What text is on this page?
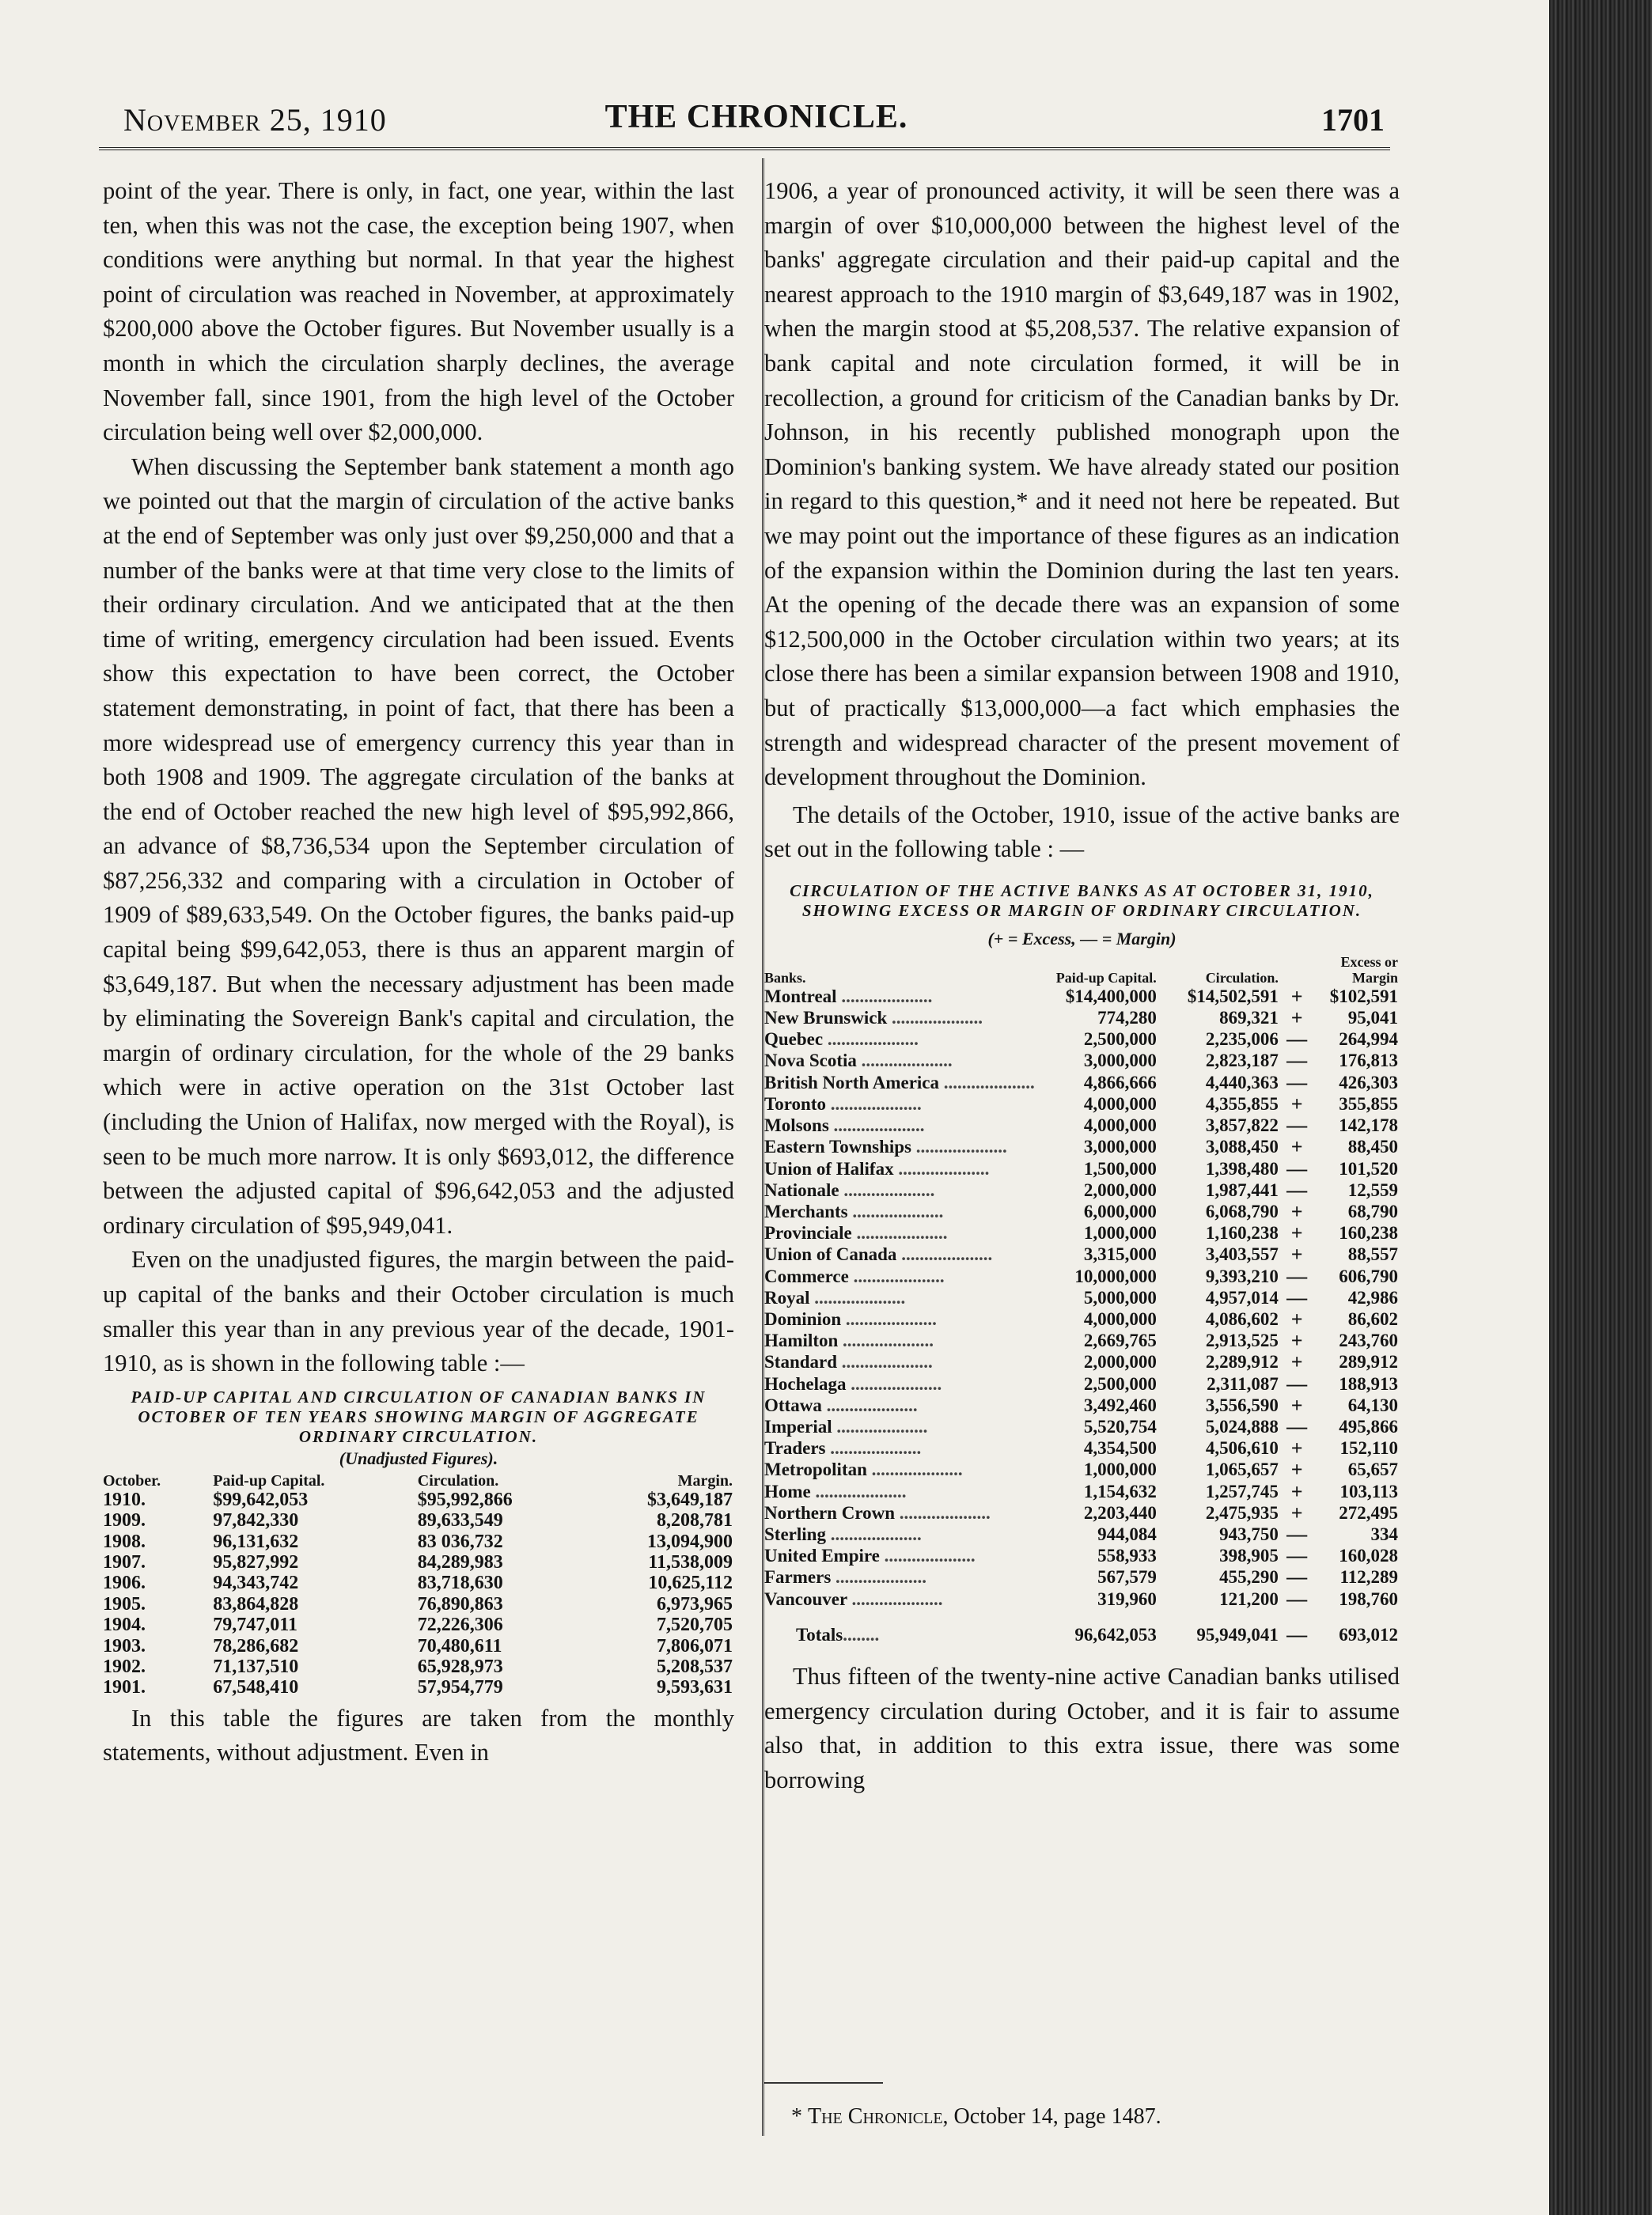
November 25, 1910	THE CHRONICLE.	1701

point of the year. There is only, in fact, one year, within the last ten, when this was not the case, the exception being 1907, when conditions were anything but normal. In that year the highest point of circulation was reached in November, at approximately $200,000 above the October figures. But November usually is a month in which the circulation sharply declines, the average November fall, since 1901, from the high level of the October circulation being well over $2,000,000.

When discussing the September bank statement a month ago we pointed out that the margin of circulation of the active banks at the end of September was only just over $9,250,000 and that a number of the banks were at that time very close to the limits of their ordinary circulation. And we anticipated that at the then time of writing, emergency circulation had been issued. Events show this expectation to have been correct, the October statement demonstrating, in point of fact, that there has been a more widespread use of emergency currency this year than in both 1908 and 1909. The aggregate circulation of the banks at the end of October reached the new high level of $95,992,866, an advance of $8,736,534 upon the September circulation of $87,256,332 and comparing with a circulation in October of 1909 of $89,633,549. On the October figures, the banks paid-up capital being $99,642,053, there is thus an apparent margin of $3,649,187. But when the necessary adjustment has been made by eliminating the Sovereign Bank's capital and circulation, the margin of ordinary circulation, for the whole of the 29 banks which were in active operation on the 31st October last (including the Union of Halifax, now merged with the Royal), is seen to be much more narrow. It is only $693,012, the difference between the adjusted capital of $96,642,053 and the adjusted ordinary circulation of $95,949,041.

Even on the unadjusted figures, the margin between the paid-up capital of the banks and their October circulation is much smaller this year than in any previous year of the decade, 1901-1910, as is shown in the following table :—

PAID-UP CAPITAL AND CIRCULATION OF CANADIAN BANKS IN OCTOBER OF TEN YEARS SHOWING MARGIN OF AGGREGATE ORDINARY CIRCULATION.

(Unadjusted Figures).

October.	Paid-up Capital.	Circulation.	Margin.
1910.	$99,642,053	$95,992,866	$3,649,187
1909.	97,842,330	89,633,549	8,208,781
1908.	96,131,632	83 036,732	13,094,900
1907.	95,827,992	84,289,983	11,538,009
1906.	94,343,742	83,718,630	10,625,112
1905.	83,864,828	76,890,863	6,973,965
1904.	79,747,011	72,226,306	7,520,705
1903.	78,286,682	70,480,611	7,806,071
1902.	71,137,510	65,928,973	5,208,537
1901.	67,548,410	57,954,779	9,593,631

In this table the figures are taken from the monthly statements, without adjustment. Even in

1906, a year of pronounced activity, it will be seen there was a margin of over $10,000,000 between the highest level of the banks' aggregate circulation and their paid-up capital and the nearest approach to the 1910 margin of $3,649,187 was in 1902, when the margin stood at $5,208,537. The relative expansion of bank capital and note circulation formed, it will be in recollection, a ground for criticism of the Canadian banks by Dr. Johnson, in his recently published monograph upon the Dominion's banking system. We have already stated our position in regard to this question,* and it need not here be repeated. But we may point out the importance of these figures as an indication of the expansion within the Dominion during the last ten years. At the opening of the decade there was an expansion of some $12,500,000 in the October circulation within two years; at its close there has been a similar expansion between 1908 and 1910, but of practically $13,000,000—a fact which emphasies the strength and widespread character of the present movement of development throughout the Dominion.

The details of the October, 1910, issue of the active banks are set out in the following table : —

CIRCULATION OF THE ACTIVE BANKS AS AT OCTOBER 31, 1910, SHOWING EXCESS OR MARGIN OF ORDINARY CIRCULATION.

(+ = Excess, — = Margin)

Banks.	Paid-up Capital.	Circulation.		Excess or Margin
Montreal ....................	$14,400,000	$14,502,591	+	$102,591
New Brunswick ....................	774,280	869,321	+	95,041
Quebec ....................	2,500,000	2,235,006	—	264,994
Nova Scotia ....................	3,000,000	2,823,187	—	176,813
British North America ....................	4,866,666	4,440,363	—	426,303
Toronto ....................	4,000,000	4,355,855	+	355,855
Molsons ....................	4,000,000	3,857,822	—	142,178
Eastern Townships ....................	3,000,000	3,088,450	+	88,450
Union of Halifax ....................	1,500,000	1,398,480	—	101,520
Nationale ....................	2,000,000	1,987,441	—	12,559
Merchants ....................	6,000,000	6,068,790	+	68,790
Provinciale ....................	1,000,000	1,160,238	+	160,238
Union of Canada ....................	3,315,000	3,403,557	+	88,557
Commerce ....................	10,000,000	9,393,210	—	606,790
Royal ....................	5,000,000	4,957,014	—	42,986
Dominion ....................	4,000,000	4,086,602	+	86,602
Hamilton ....................	2,669,765	2,913,525	+	243,760
Standard ....................	2,000,000	2,289,912	+	289,912
Hochelaga ....................	2,500,000	2,311,087	—	188,913
Ottawa ....................	3,492,460	3,556,590	+	64,130
Imperial ....................	5,520,754	5,024,888	—	495,866
Traders ....................	4,354,500	4,506,610	+	152,110
Metropolitan ....................	1,000,000	1,065,657	+	65,657
Home ....................	1,154,632	1,257,745	+	103,113
Northern Crown ....................	2,203,440	2,475,935	+	272,495
Sterling ....................	944,084	943,750	—	334
United Empire ....................	558,933	398,905	—	160,028
Farmers ....................	567,579	455,290	—	112,289
Vancouver ....................	319,960	121,200	—	198,760
Totals........	96,642,053	95,949,041	—	693,012

Thus fifteen of the twenty-nine active Canadian banks utilised emergency circulation during October, and it is fair to assume also that, in addition to this extra issue, there was some borrowing

* The Chronicle, October 14, page 1487.
